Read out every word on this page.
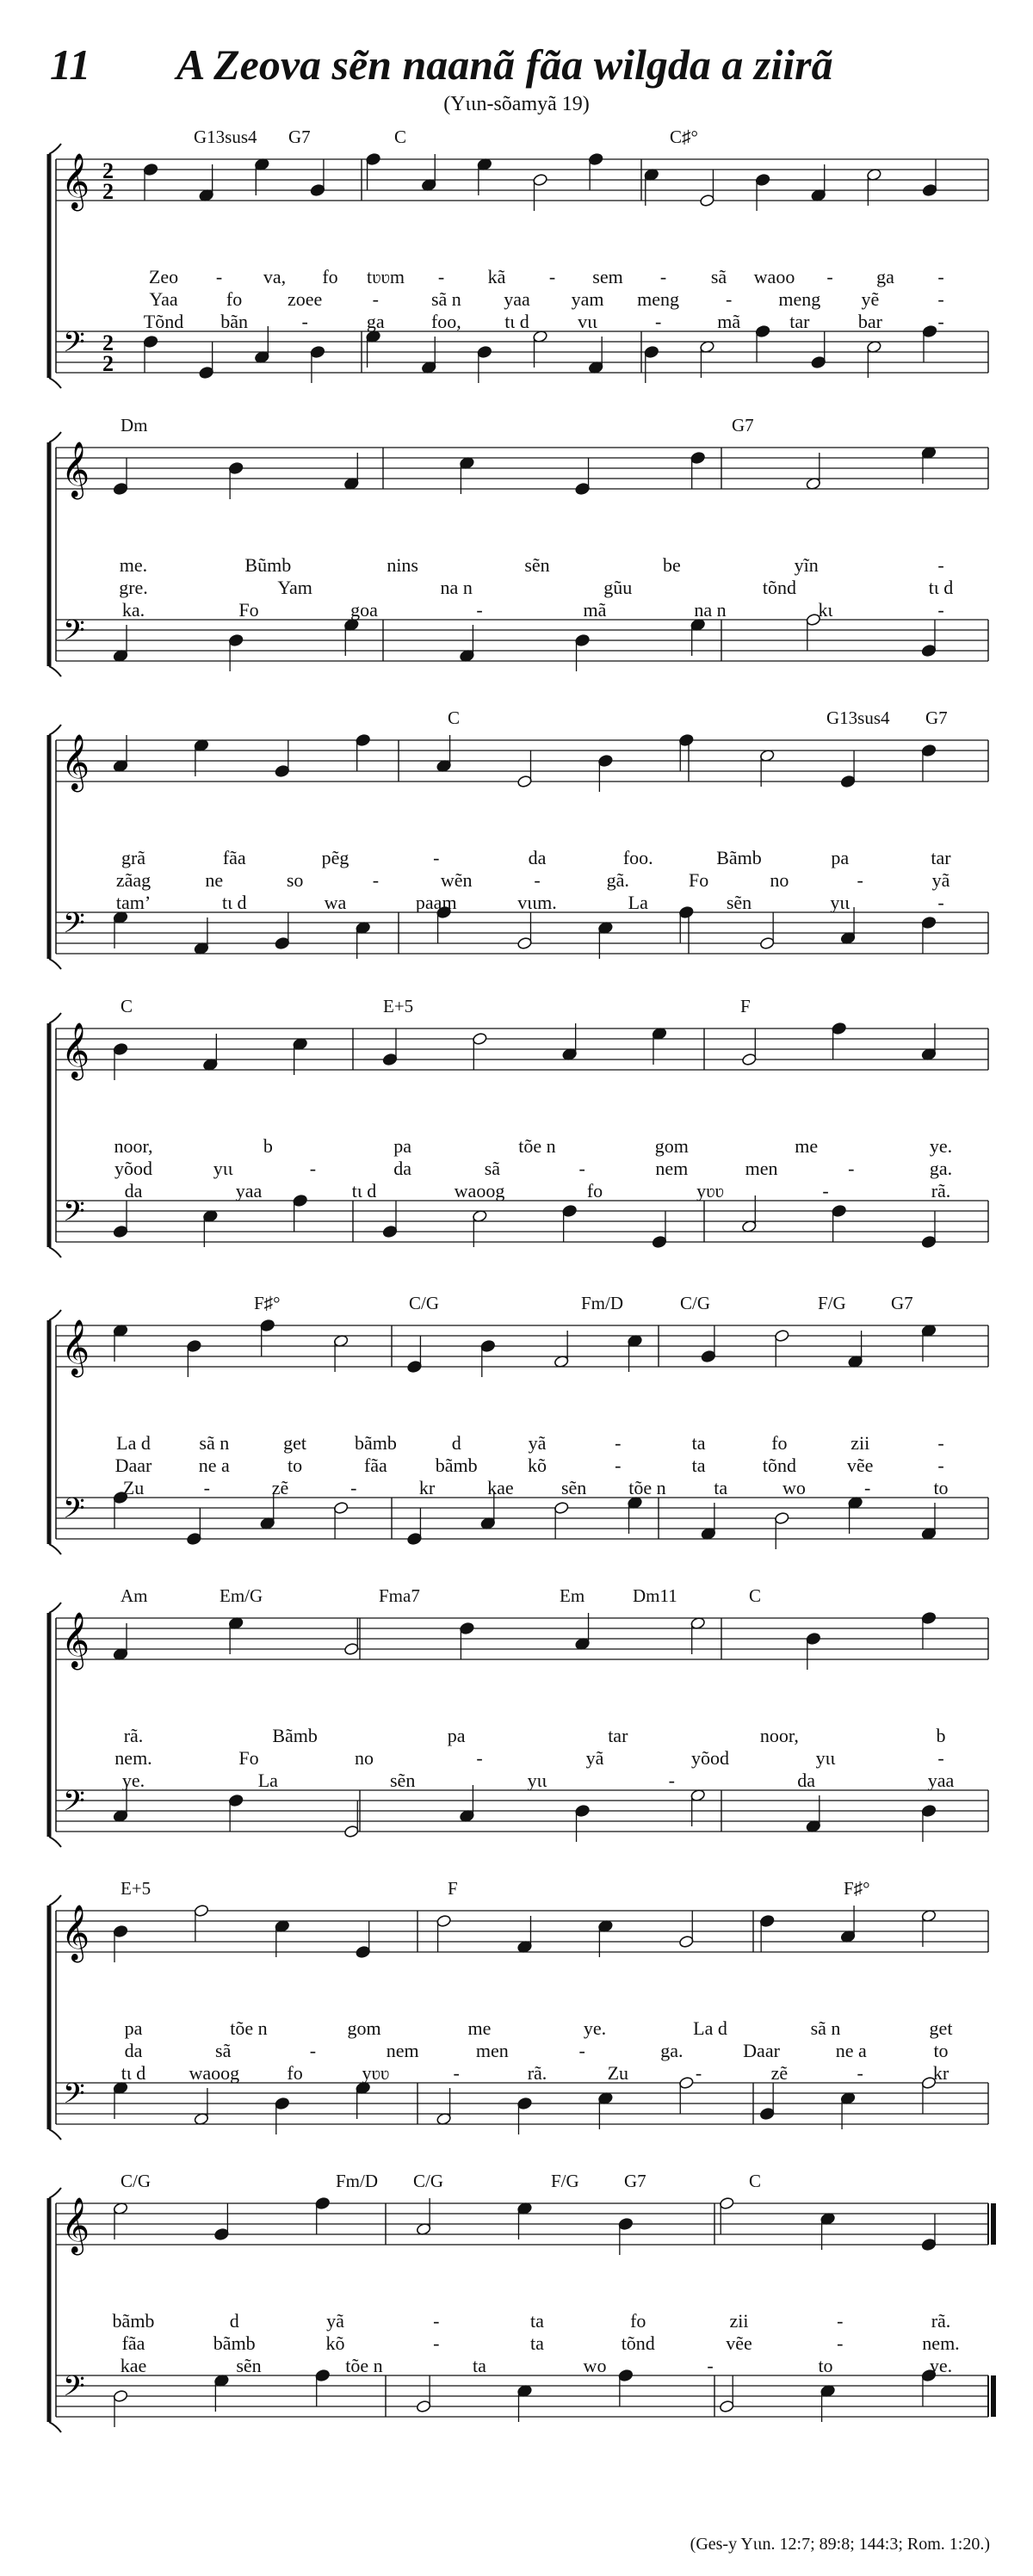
11 A Zeova sẽn naanã fãa wilgda a ziirã
(Yɩɩn-sõamyã 19)
𝄞
𝄢
2
2
2
2
G13sus4 G7	C	C♯°
Zeo - va, fo tʋʋm - kã - sem - sã waoo - ga -
Yaa	fo zoee	-	sã n yaa yam meng - meng yẽ	-
Tõnd bãn	-	ga foo, tɩ d	vɩɩ	-	mã	tar	bar	-
𝄞
𝄢
Dm	G7
me.	Bũmb	nins	sẽn	be	yĩn	-
gre.	Yam	na n	gũu	tõnd	tɩ d
ka.	Fo	goa	-	mã	na n	kɩ	-
𝄞
𝄢
C	G13sus4 G7
grã	fãa	pẽg	-	da	foo.	Bãmb	pa	tar
zãag	ne	so	-	wẽn	-	gã.	Fo	no	-	yã
tam’	tɩ d	wa	paam	vɩɩm.	La	sẽn	yɩɩ	-
𝄞
𝄢
C	E+5	F
noor,	b	pa	tõe n	gom	me	ye.
yõod	yɩɩ	-	da	sã	-	nem	men	-	ga.
da	yaa	tɩ d	waoog	fo	yʋʋ	-	rã.
𝄞
𝄢
F♯°	C/G	Fm/D	C/G	F/G G7
La d	sã n	get	bãmb	d	yã	-	ta	fo	zii	-
Daar ne a	to	fãa	bãmb	kõ	-	ta	tõnd	vẽe	-
Zu	-	zẽ	-	kr	kae	sẽn tõe n	ta	wo	-	to
𝄞
𝄢
Am	Em/G	Fma7	Em	Dm11	C
rã.	Bãmb	pa	tar	noor,	b
nem.	Fo	no	-	yã	yõod	yɩɩ	-
ye.	La	sẽn	yɩɩ	-	da	yaa
𝄞
𝄢
E+5	F	F♯°
pa	tõe n	gom	me	ye.	La d	sã n	get
da	sã	-	nem	men	-	ga.	Daar	ne a	to
tɩ d waoog	fo	yʋʋ	-	rã.	Zu	-	zẽ	-	kr
𝄞
𝄢
C/G	Fm/D C/G	F/G G7	C
bãmb	d	yã	-	ta	fo	zii	-	rã.
fãa	bãmb	kõ	-	ta	tõnd	vẽe	-	nem.
kae	sẽn	tõe n	ta	wo	-	to	ye.
(Ges-y Yɩɩn. 12:7; 89:8; 144:3; Rom. 1:20.)
